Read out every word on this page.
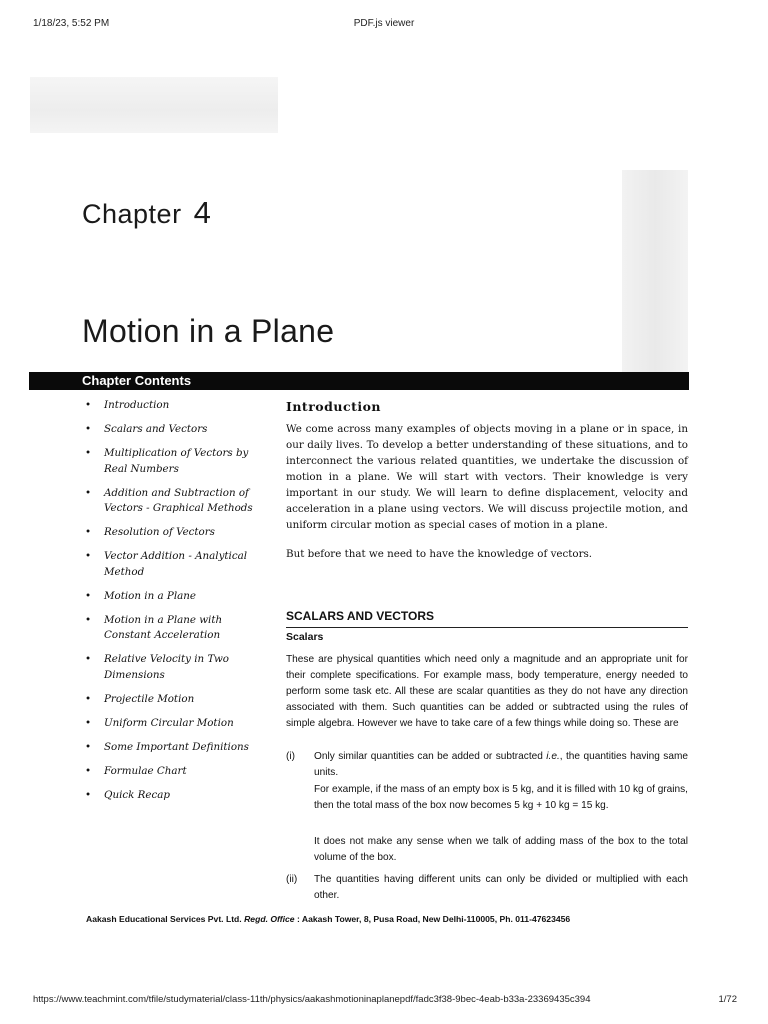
1/18/23, 5:52 PM	PDF.js viewer
Chapter 4
Motion in a Plane
Chapter Contents
• Introduction
• Scalars and Vectors
• Multiplication of Vectors by Real Numbers
• Addition and Subtraction of Vectors - Graphical Methods
• Resolution of Vectors
• Vector Addition - Analytical Method
• Motion in a Plane
• Motion in a Plane with Constant Acceleration
• Relative Velocity in Two Dimensions
• Projectile Motion
• Uniform Circular Motion
• Some Important Definitions
• Formulae Chart
• Quick Recap
Introduction

We come across many examples of objects moving in a plane or in space, in our daily lives. To develop a better understanding of these situations, and to interconnect the various related quantities, we undertake the discussion of motion in a plane. We will start with vectors. Their knowledge is very important in our study. We will learn to define displacement, velocity and acceleration in a plane using vectors. We will discuss projectile motion, and uniform circular motion as special cases of motion in a plane.

But before that we need to have the knowledge of vectors.

SCALARS AND VECTORS
Scalars

These are physical quantities which need only a magnitude and an appropriate unit for their complete specifications. For example mass, body temperature, energy needed to perform some task etc. All these are scalar quantities as they do not have any direction associated with them. Such quantities can be added or subtracted using the rules of simple algebra. However we have to take care of a few things while doing so. These are

(i) Only similar quantities can be added or subtracted i.e., the quantities having same units.

For example, if the mass of an empty box is 5 kg, and it is filled with 10 kg of grains, then the total mass of the box now becomes 5 kg + 10 kg = 15 kg.

It does not make any sense when we talk of adding mass of the box to the total volume of the box.

(ii) The quantities having different units can only be divided or multiplied with each other.
Aakash Educational Services Pvt. Ltd. Regd. Office : Aakash Tower, 8, Pusa Road, New Delhi-110005, Ph. 011-47623456
https://www.teachmint.com/tfile/studymaterial/class-11th/physics/aakashmotioninaplanepdf/fadc3f38-9bec-4eab-b33a-23369435c394	1/72
